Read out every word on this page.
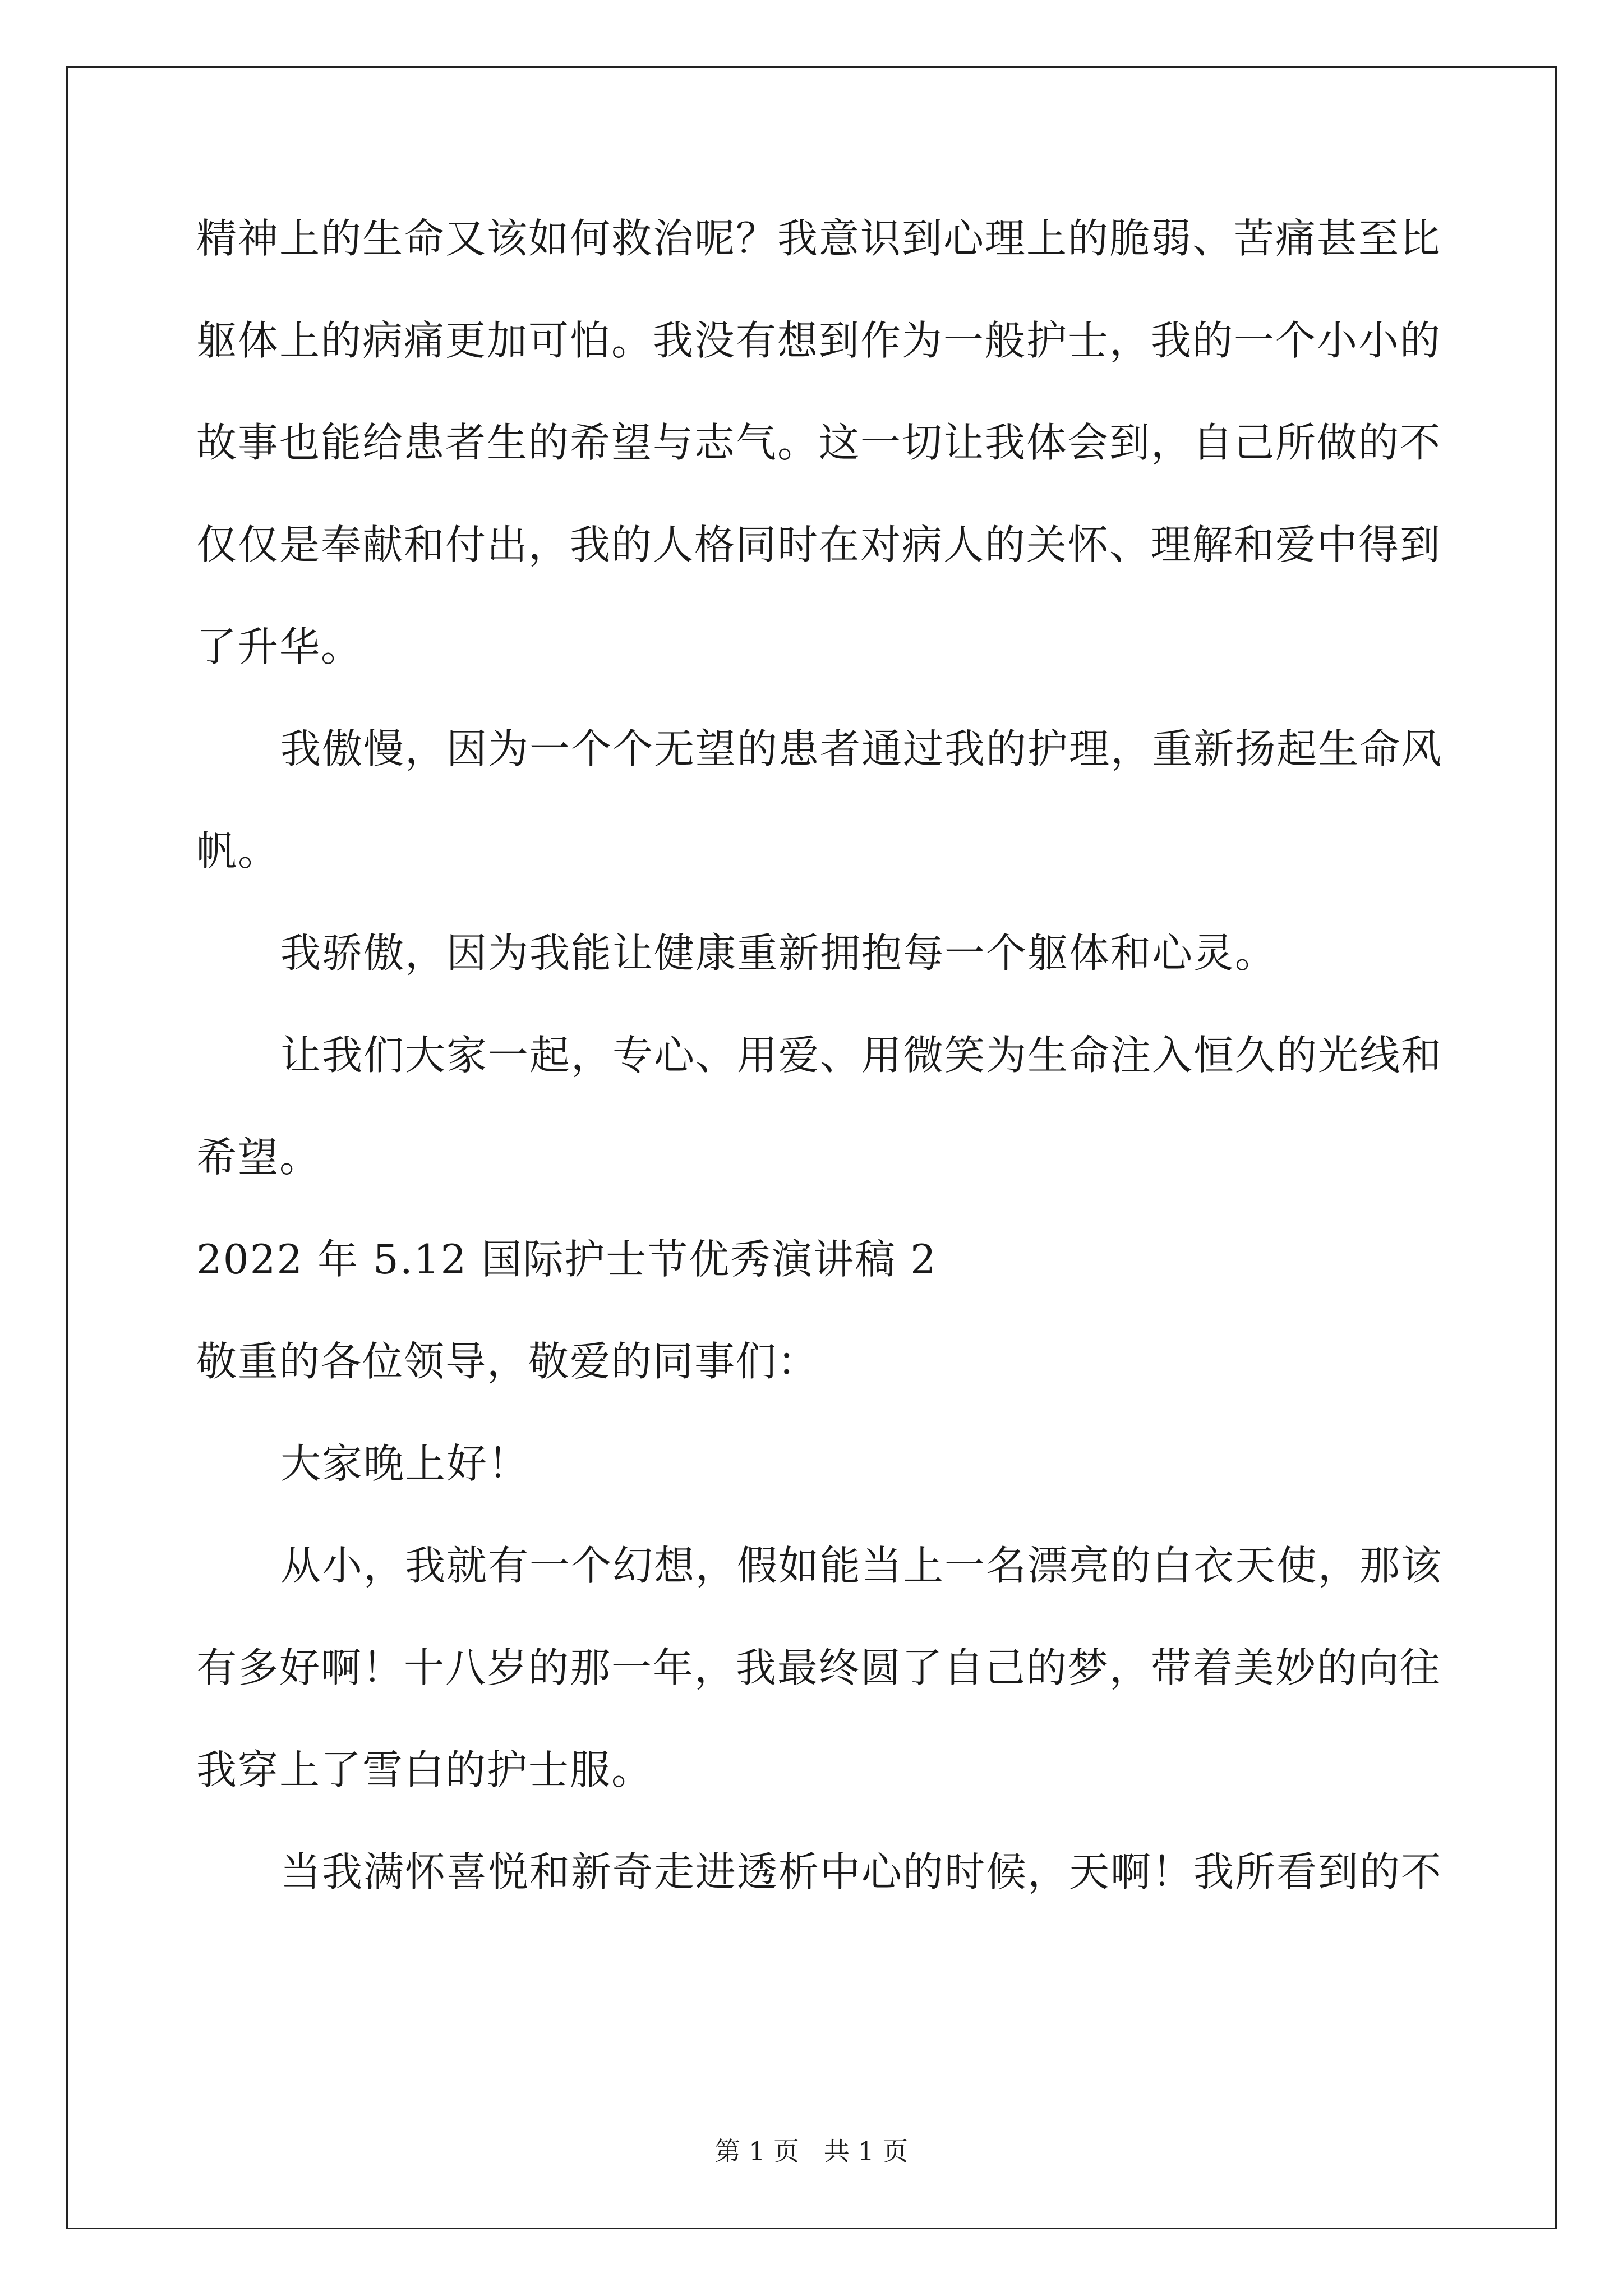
精神上的生命又该如何救治呢？我意识到心理上的脆弱、苦痛甚至比
躯体上的病痛更加可怕。我没有想到作为一般护士，我的一个小小的
故事也能给患者生的希望与志气。这一切让我体会到，自己所做的不
仅仅是奉献和付出，我的人格同时在对病人的关怀、理解和爱中得到
了升华。
我傲慢，因为一个个无望的患者通过我的护理，重新扬起生命风
帆。
我骄傲，因为我能让健康重新拥抱每一个躯体和心灵。
让我们大家一起，专心、用爱、用微笑为生命注入恒久的光线和
希望。
2022 年 5.12 国际护士节优秀演讲稿 2
敬重的各位领导，敬爱的同事们：
大家晚上好！
从小，我就有一个幻想，假如能当上一名漂亮的白衣天使，那该
有多好啊！十八岁的那一年，我最终圆了自己的梦，带着美妙的向往
我穿上了雪白的护士服。
当我满怀喜悦和新奇走进透析中心的时候，天啊！我所看到的不
第 1 页   共 1 页
